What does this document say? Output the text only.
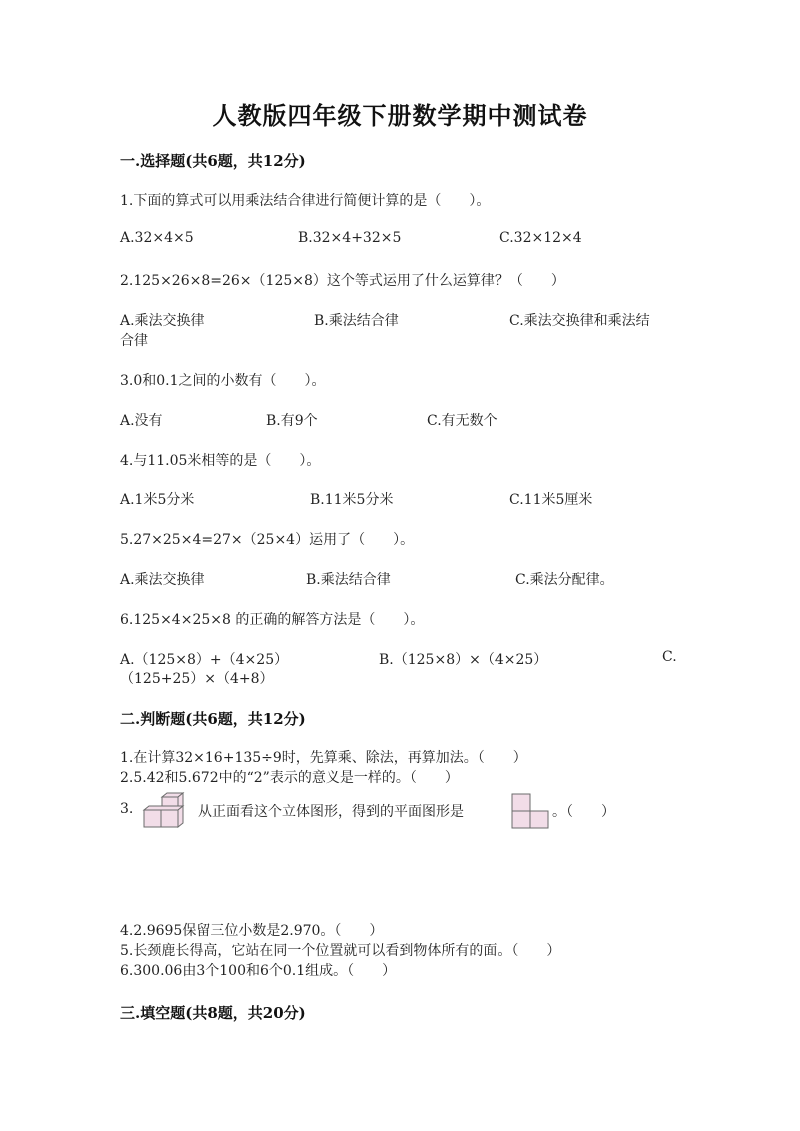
人教版四年级下册数学期中测试卷
一.选择题(共6题，共12分)
1.下面的算式可以用乘法结合律进行简便计算的是（　　）。
A.32×4×5	B.32×4+32×5	C.32×12×4
2.125×26×8=26×（125×8）这个等式运用了什么运算律？（　　）
A.乘法交换律	B.乘法结合律	C.乘法交换律和乘法结
合律
3.0和0.1之间的小数有（　　）。
A.没有	B.有9个	C.有无数个
4.与11.05米相等的是（　　）。
A.1米5分米	B.11米5分米	C.11米5厘米
5.27×25×4=27×（25×4）运用了（　　）。
A.乘法交换律	B.乘法结合律	C.乘法分配律。
6.125×4×25×8 的正确的解答方法是（　　）。
A.（125×8）+（4×25）	B.（125×8）×（4×25）	C.
（125+25）×（4+8）
二.判断题(共6题，共12分)
1.在计算32×16+135÷9时，先算乘、除法，再算加法。（　　）
2.5.42和5.672中的“2”表示的意义是一样的。（　　）
3.	从正面看这个立体图形，得到的平面图形是	。（　　）
4.2.9695保留三位小数是2.970。（　　）
5.长颈鹿长得高，它站在同一个位置就可以看到物体所有的面。（　　）
6.300.06由3个100和6个0.1组成。（　　）
三.填空题(共8题，共20分)
